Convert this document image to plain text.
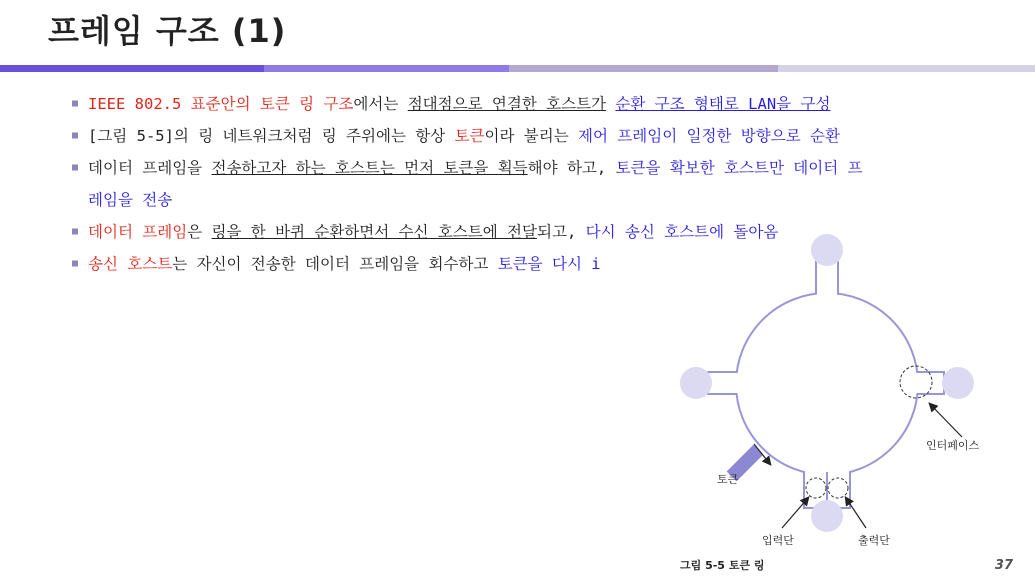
프레임 구조 (1)
■ IEEE 802.5 표준안의 토큰 링 구조에서는 점대점으로 연결한 호스트가 순환 구조 형태로 LAN을 구성
■ [그림 5-5]의 링 네트워크처럼 링 주위에는 항상 토큰이라 불리는 제어 프레임이 일정한 방향으로 순환
■ 데이터 프레임을 전송하고자 하는 호스트는 먼저 토큰을 획득해야 하고, 토큰을 확보한 호스트만 데이터 프
레임을 전송
■ 데이터 프레임은 링을 한 바퀴 순환하면서 수신 호스트에 전달되고, 다시 송신 호스트에 돌아옴
■ 송신 호스트는 자신이 전송한 데이터 프레임을 회수하고 토큰을 다시 i
인터페이스
토큰
입력단	출력단
그림 5-5 토큰 링	37
